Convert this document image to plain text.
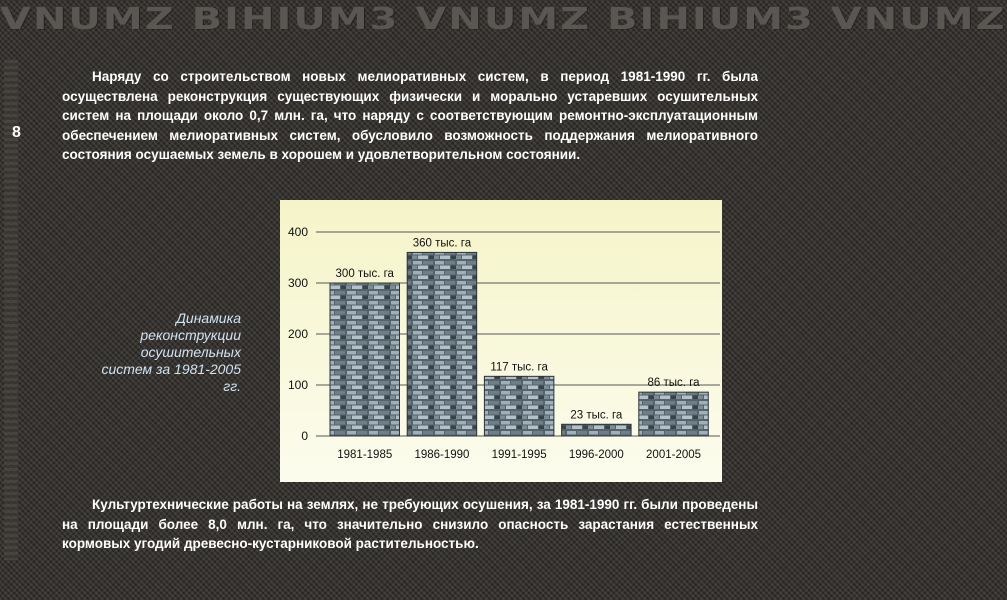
VNUMZ BIHIUM3 VNUMZ BIHIUM3 VNUMZ
8

Наряду со строительством новых мелиоративных систем, в период 1981-1990 гг. была осуществлена реконструкция существующих физически и морально устаревших осушительных систем на площади около 0,7 млн. га, что наряду с соответствующим ремонтно-эксплуатационным обеспечением мелиоративных систем, обусловило возможность поддержания мелиоративного состояния осушаемых земель в хорошем и удовлетворительном состоянии.

Динамика реконструкции осушительных систем за 1981-2005 гг.
300 тыс. га
360 тыс. га
117 тыс. га
23 тыс. га
86 тыс. га
0
100
200
300
400
1981-1985 1986-1990 1991-1995 1996-2000 2001-2005

Культуртехнические работы на землях, не требующих осушения, за 1981-1990 гг. были проведены на площади более 8,0 млн. га, что значительно снизило опасность зарастания естественных кормовых угодий древесно-кустарниковой растительностью.
